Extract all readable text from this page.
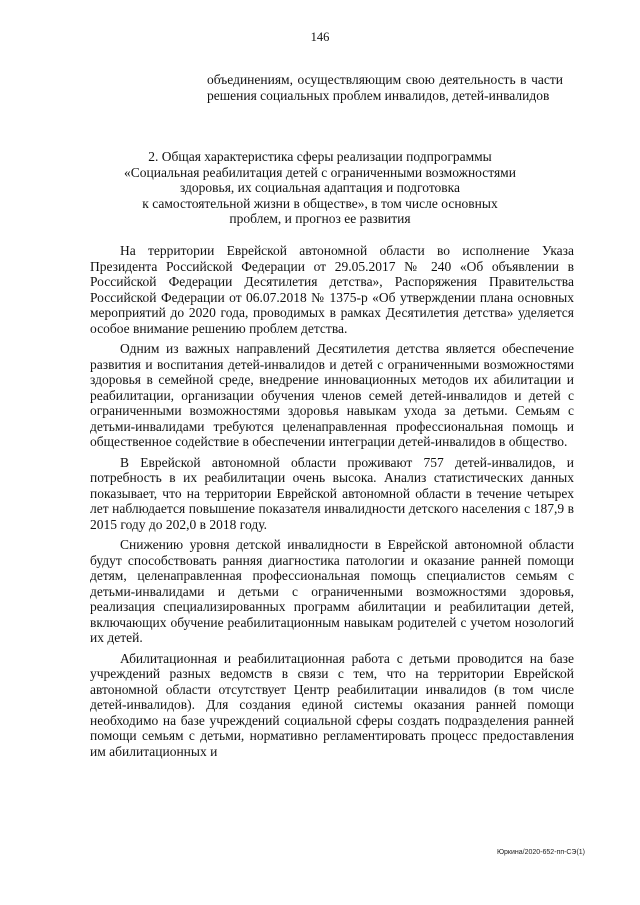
146
объединениям, осуществляющим свою деятельность в части решения социальных проблем инвалидов, детей-инвалидов
2. Общая характеристика сферы реализации подпрограммы
«Социальная реабилитация детей с ограниченными возможностями
здоровья, их социальная адаптация и подготовка
к самостоятельной жизни в обществе», в том числе основных
проблем, и прогноз ее развития

На территории Еврейской автономной области во исполнение Указа Президента Российской Федерации от 29.05.2017 № 240 «Об объявлении в Российской Федерации Десятилетия детства», Распоряжения Правительства Российской Федерации от 06.07.2018 № 1375-р «Об утверждении плана основных мероприятий до 2020 года, проводимых в рамках Десятилетия детства» уделяется особое внимание решению проблем детства.

Одним из важных направлений Десятилетия детства является обеспечение развития и воспитания детей-инвалидов и детей с ограниченными возможностями здоровья в семейной среде, внедрение инновационных методов их абилитации и реабилитации, организации обучения членов семей детей-инвалидов и детей с ограниченными возможностями здоровья навыкам ухода за детьми. Семьям с детьми-инвалидами требуются целенаправленная профессиональная помощь и общественное содействие в обеспечении интеграции детей-инвалидов в общество.

В Еврейской автономной области проживают 757 детей-инвалидов, и потребность в их реабилитации очень высока. Анализ статистических данных показывает, что на территории Еврейской автономной области в течение четырех лет наблюдается повышение показателя инвалидности детского населения с 187,9 в 2015 году до 202,0 в 2018 году.

Снижению уровня детской инвалидности в Еврейской автономной области будут способствовать ранняя диагностика патологии и оказание ранней помощи детям, целенаправленная профессиональная помощь специалистов семьям с детьми-инвалидами и детьми с ограниченными возможностями здоровья, реализация специализированных программ абилитации и реабилитации детей, включающих обучение реабилитационным навыкам родителей с учетом нозологий их детей.

Абилитационная и реабилитационная работа с детьми проводится на базе учреждений разных ведомств в связи с тем, что на территории Еврейской автономной области отсутствует Центр реабилитации инвалидов (в том числе детей-инвалидов). Для создания единой системы оказания ранней помощи необходимо на базе учреждений социальной сферы создать подразделения ранней помощи семьям с детьми, нормативно регламентировать процесс предоставления им абилитационных и

Юркина/2020-652-пп-СЭ(1)
